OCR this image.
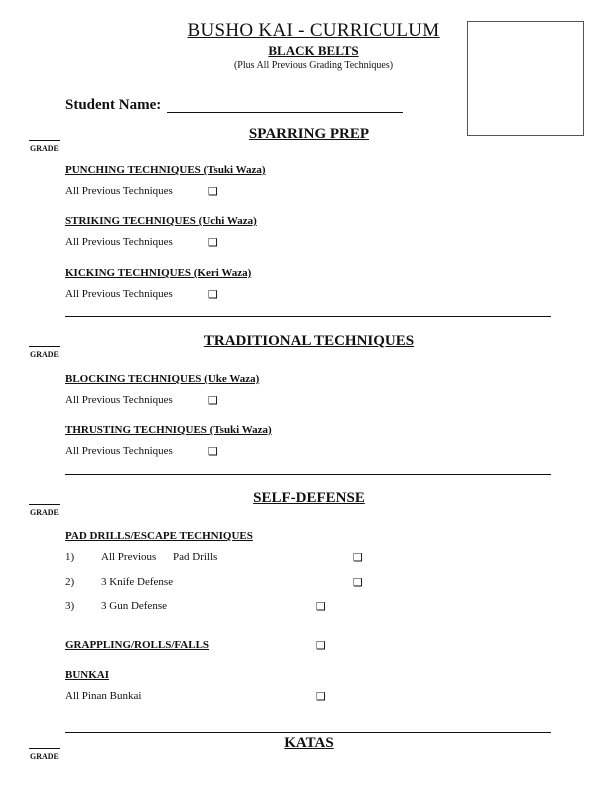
BUSHO KAI - CURRICULUM
BLACK BELTS
(Plus All Previous Grading Techniques)
Student Name:
GRADE
SPARRING PREP
PUNCHING TECHNIQUES (Tsuki Waza)
All Previous Techniques	❑
STRIKING TECHNIQUES (Uchi Waza)
All Previous Techniques	❑
KICKING TECHNIQUES (Keri Waza)
All Previous Techniques	❑
GRADE
TRADITIONAL TECHNIQUES
BLOCKING TECHNIQUES (Uke Waza)
All Previous Techniques	❑
THRUSTING TECHNIQUES (Tsuki Waza)
All Previous Techniques	❑
GRADE
SELF-DEFENSE
PAD DRILLS/ESCAPE TECHNIQUES
1) All Previous Pad Drills	❑
2) 3 Knife Defense	❑
3) 3 Gun Defense	❑
GRAPPLING/ROLLS/FALLS	❑
BUNKAI
All Pinan Bunkai	❑
GRADE
KATAS
